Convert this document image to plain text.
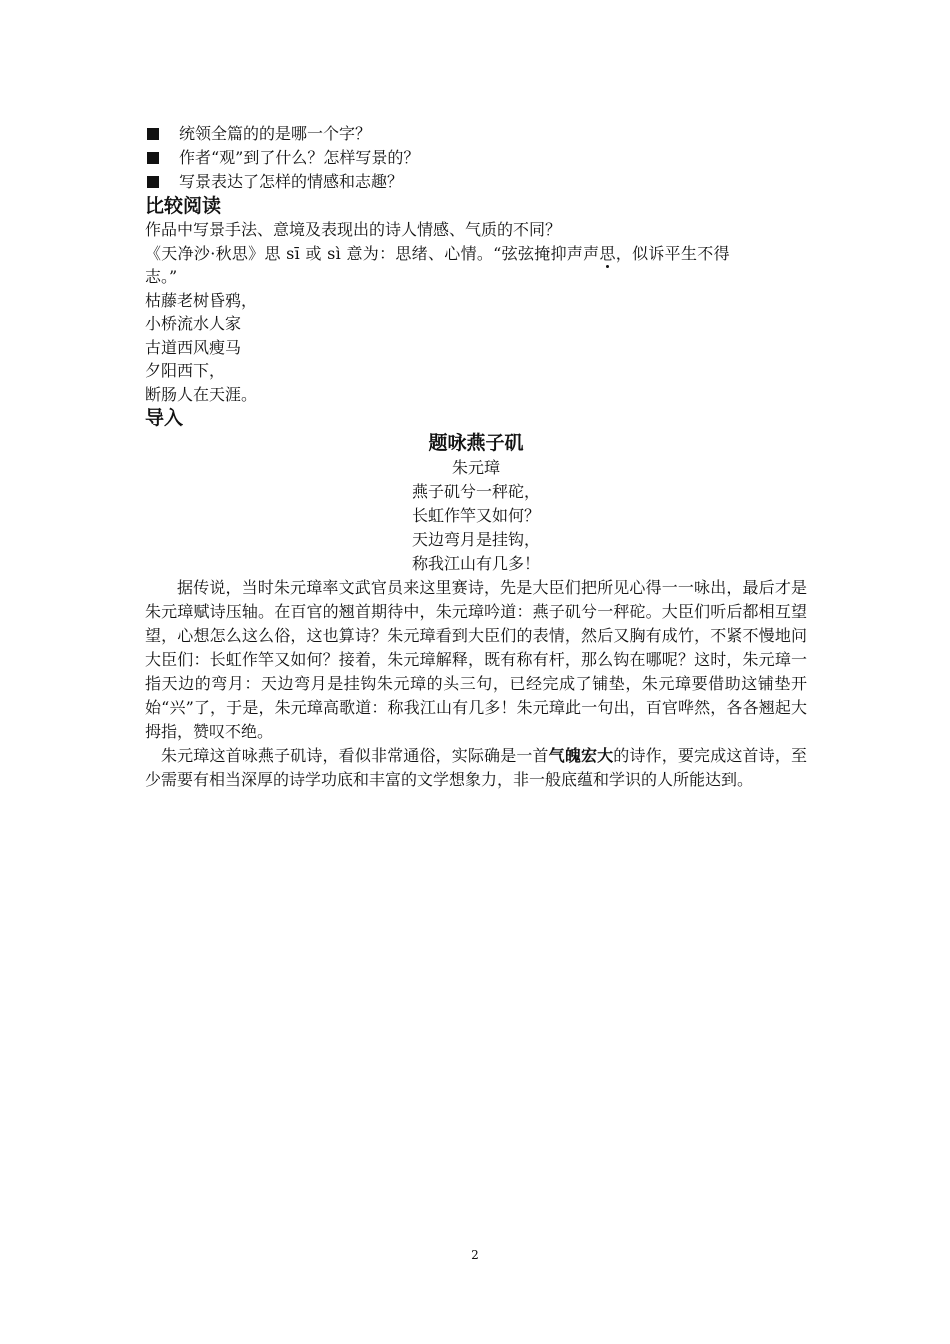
统领全篇的的是哪一个字？
作者“观”到了什么？怎样写景的？
写景表达了怎样的情感和志趣？
比较阅读
作品中写景手法、意境及表现出的诗人情感、气质的不同？
《天净沙·秋思》思 sī 或 sì 意为：思绪、心情。“弦弦掩抑声声思，似诉平生不得
志。”
枯藤老树昏鸦，
小桥流水人家
古道西风瘦马
夕阳西下，
断肠人在天涯。
导入
题咏燕子矶
朱元璋
燕子矶兮一秤砣，
长虹作竿又如何？
天边弯月是挂钩，
称我江山有几多！
据传说，当时朱元璋率文武官员来这里赛诗，先是大臣们把所见心得一一咏出，最后才是朱元璋赋诗压轴。在百官的翘首期待中，朱元璋吟道：燕子矶兮一秤砣。大臣们听后都相互望望，心想怎么这么俗，这也算诗？朱元璋看到大臣们的表情，然后又胸有成竹，不紧不慢地问大臣们：长虹作竿又如何？接着，朱元璋解释，既有称有杆，那么钩在哪呢？这时，朱元璋一指天边的弯月：天边弯月是挂钩朱元璋的头三句，已经完成了铺垫，朱元璋要借助这铺垫开始“兴”了，于是，朱元璋高歌道：称我江山有几多！朱元璋此一句出，百官哗然，各各翘起大拇指，赞叹不绝。
朱元璋这首咏燕子矶诗，看似非常通俗，实际确是一首气魄宏大的诗作，要完成这首诗，至少需要有相当深厚的诗学功底和丰富的文学想象力，非一般底蕴和学识的人所能达到。
2
